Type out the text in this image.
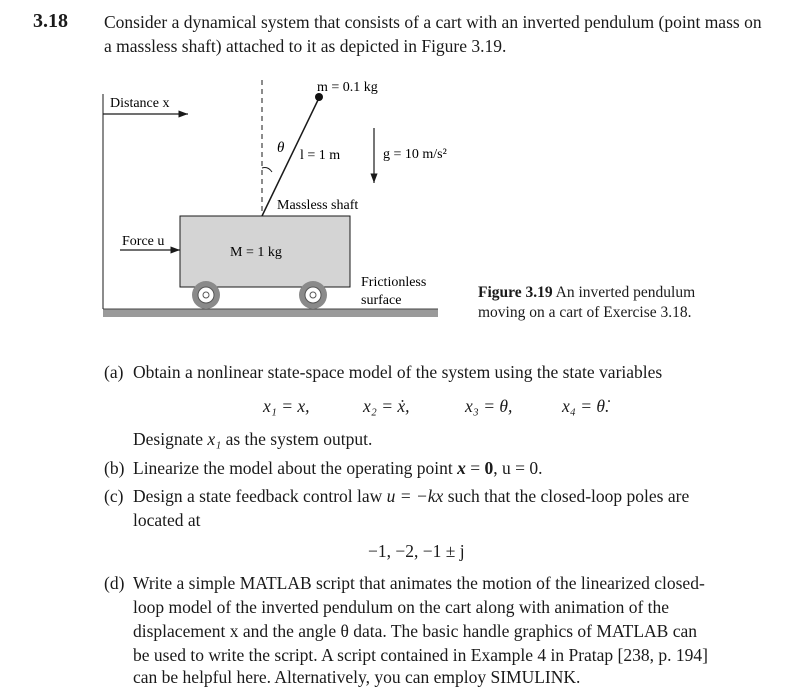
3.18 Consider a dynamical system that consists of a cart with an inverted pendulum (point mass on a massless shaft) attached to it as depicted in Figure 3.19.
Distance x
θ
m = 0.1 kg
l = 1 m	g = 10 m/s²
Massless shaft
M = 1 kg
Force u
Frictionless
surface	Figure 3.19 An inverted pendulum
moving on a cart of Exercise 3.18.
(a) Obtain a nonlinear state-space model of the system using the state variables
x₁ = x,	x₂ = ẋ,	x₃ = θ,	x₄ = θ̇.
Designate x₁ as the system output.
(b) Linearize the model about the operating point x = 0, u = 0.
(c) Design a state feedback control law u = −kx such that the closed-loop poles are
located at
−1, −2, −1 ± j
(d) Write a simple MATLAB script that animates the motion of the linearized closed-
loop model of the inverted pendulum on the cart along with animation of the
displacement x and the angle θ data. The basic handle graphics of MATLAB can
be used to write the script. A script contained in Example 4 in Pratap [238, p. 194]
can be helpful here. Alternatively, you can employ SIMULINK.
